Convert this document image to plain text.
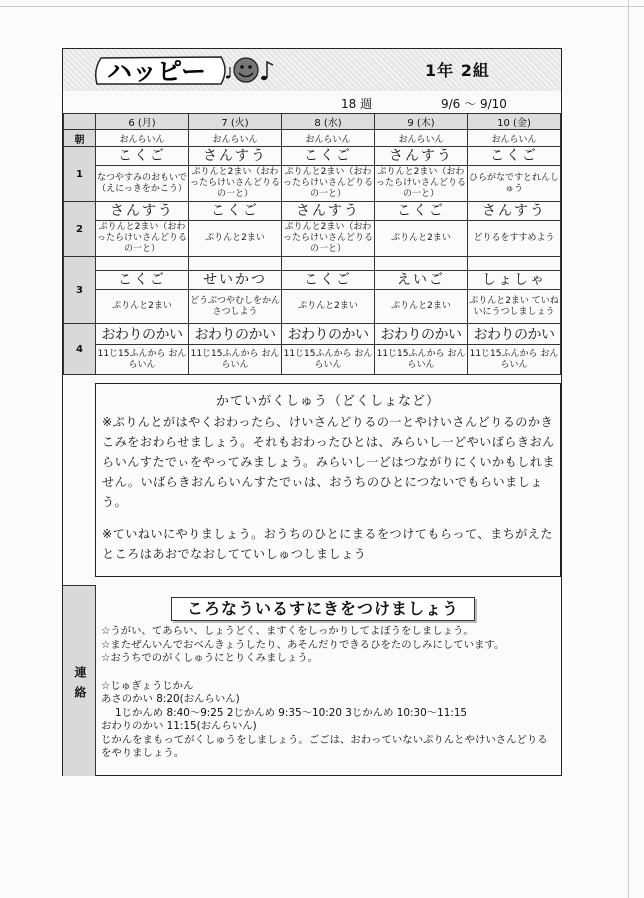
ハッピー	1年 2組
18 週	9/6 ～ 9/10
	6 (月)	7 (火)	8 (水)	9 (木)	10 (金)
朝	おんらいん	おんらいん	おんらいん	おんらいん	おんらいん
1	こくご	さんすう	こくご	さんすう	こくご
	なつやすみのおもいで（えにっきをかこう）	ぷりんと2まい（おわったらけいさんどりるの一と）	ぷりんと2まい（おわったらけいさんどりるの一と）	ぷりんと2まい（おわったらけいさんどりるの一と）	ひらがなですとれんしゅう
2	さんすう	こくご	さんすう	こくご	さんすう
	ぷりんと2まい（おわったらけいさんどりるの一と）	ぷりんと2まい	ぷりんと2まい（おわったらけいさんどりるの一と）	ぷりんと2まい	どりるをすすめよう
3					
	こくご	せいかつ	こくご	えいご	しょしゃ
	ぷりんと2まい	どうぶつやむしをかんさつしよう	ぷりんと2まい	ぷりんと2まい	ぷりんと2まい ていねいにうつしましょう
4	おわりのかい	おわりのかい	おわりのかい	おわりのかい	おわりのかい
	11じ15ふんから おんらいん	11じ15ふんから おんらいん	11じ15ふんから おんらいん	11じ15ふんから おんらいん	11じ15ふんから おんらいん
かていがくしゅう（どくしょなど）
※ぷりんとがはやくおわったら、けいさんどりるの一とやけいさんどりるのかきこみをおわらせましょう。それもおわったひとは、みらいし一どやいばらきおんらいんすたでぃをやってみましょう。みらいし一どはつながりにくいかもしれません。いばらきおんらいんすたでぃは、おうちのひとにつないでもらいましょう。
※ていねいにやりましょう。おうちのひとにまるをつけてもらって、まちがえたところはあおでなおしてていしゅつしましょう
連絡
ころなういるすにきをつけましょう

☆うがい、てあらい、しょうどく、ますくをしっかりしてよぼうをしましょう。

☆またぜんいんでおべんきょうしたり、あそんだりできるひをたのしみにしています。

☆おうちでのがくしゅうにとりくみましょう。

☆じゅぎょうじかん

あさのかい 8:20(おんらいん)

1じかんめ 8:40～9:25 2じかんめ 9:35～10:20 3じかんめ 10:30～11:15

おわりのかい 11:15(おんらいん)

じかんをまもってがくしゅうをしましょう。ごごは、おわっていないぷりんとやけいさんどりるをやりましょう。
